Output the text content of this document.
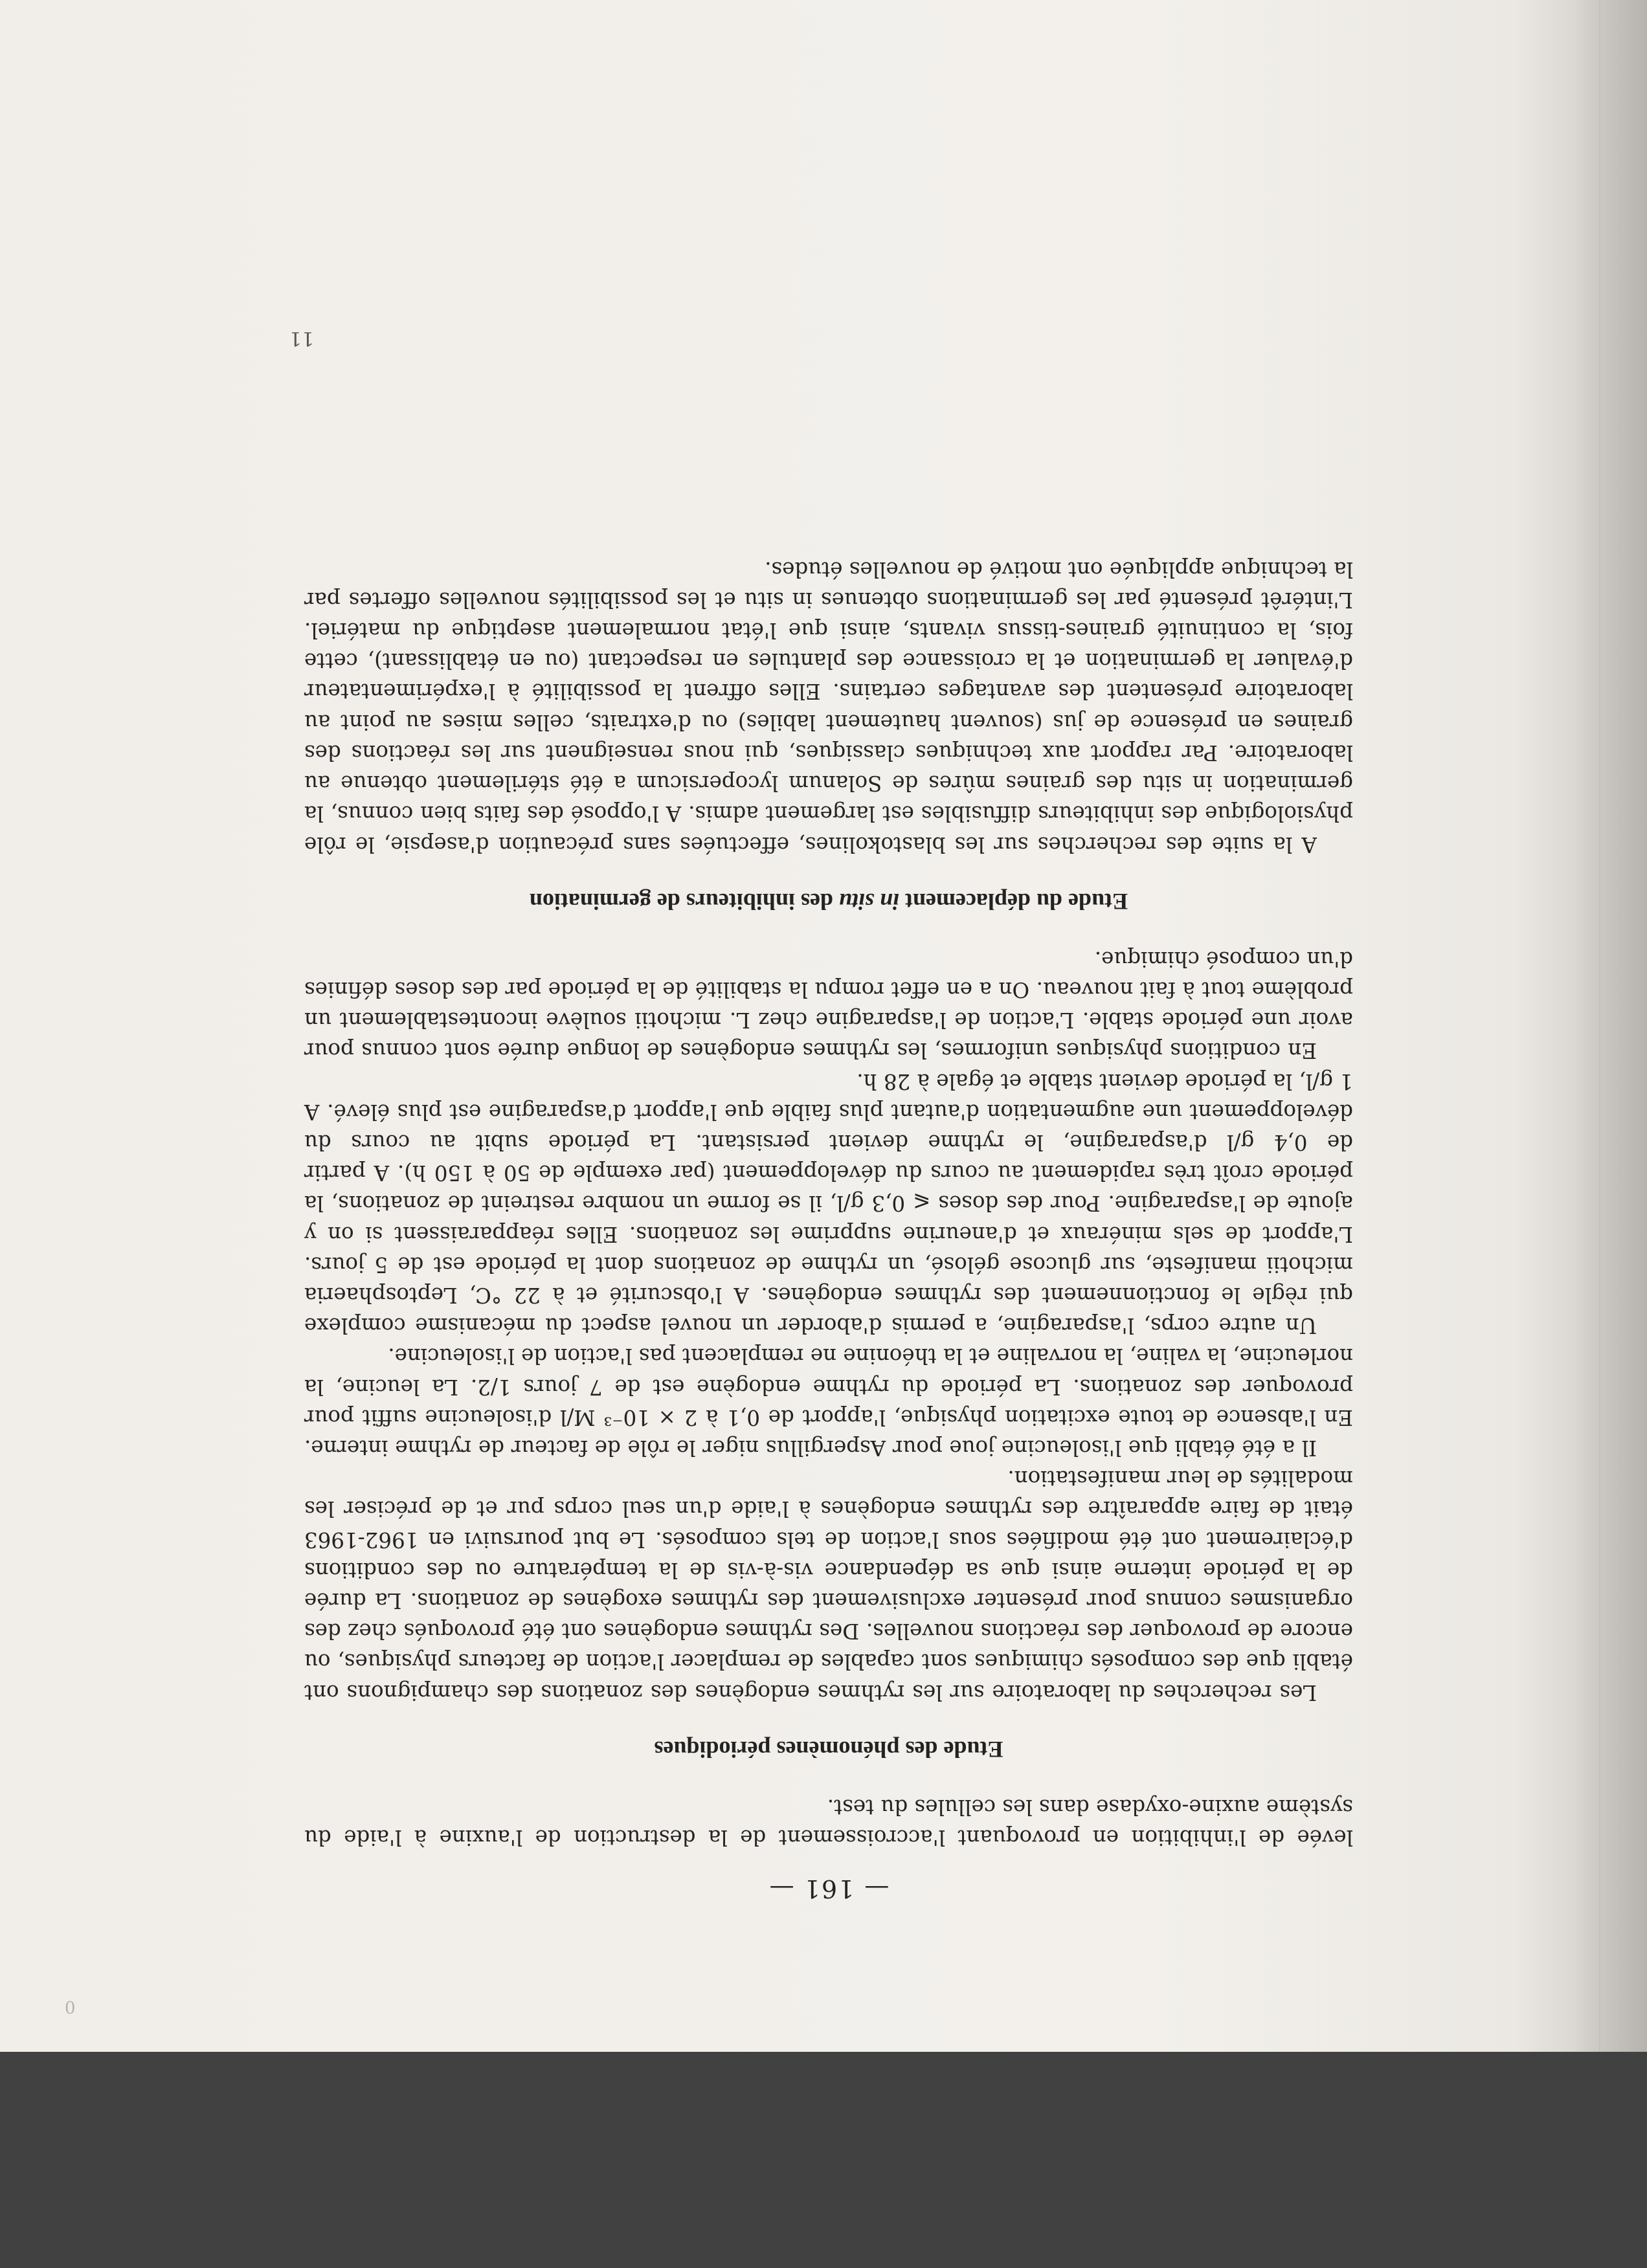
0
11

— 161 —

levée de l'inhibition en provoquant l'accroissement de la destruction de l'auxine à l'aide du système auxine-oxydase dans les cellules du test.

Etude des phénomènes périodiques

Les recherches du laboratoire sur les rythmes endogènes des zonations des champignons ont établi que des composés chimiques sont capables de remplacer l'action de facteurs physiques, ou encore de provoquer des réactions nouvelles. Des rythmes endogènes ont été provoqués chez des organismes connus pour présenter exclusivement des rythmes exogènes de zonations. La durée de la période interne ainsi que sa dépendance vis-à-vis de la température ou des conditions d'éclairement ont été modifiées sous l'action de tels composés. Le but poursuivi en 1962-1963 était de faire apparaître des rythmes endogènes à l'aide d'un seul corps pur et de préciser les modalités de leur manifestation.

Il a été établi que l'isoleucine joue pour Aspergillus niger le rôle de facteur de rythme interne. En l'absence de toute excitation physique, l'apport de 0,1 à 2 × 10⁻³ M/l d'isoleucine suffit pour provoquer des zonations. La période du rythme endogène est de 7 jours 1/2. La leucine, la norleucine, la valine, la norvaline et la théonine ne remplacent pas l'action de l'isoleucine.

Un autre corps, l'asparagine, a permis d'aborder un nouvel aspect du mécanisme complexe qui règle le fonctionnement des rythmes endogènes. A l'obscurité et à 22 °C, Leptosphaeria michotii manifeste, sur glucose gélosé, un rythme de zonations dont la période est de 5 jours. L'apport de sels minéraux et d'aneurine supprime les zonations. Elles réapparaissent si on y ajoute de l'asparagine. Pour des doses ⩽ 0,3 g/l, il se forme un nombre restreint de zonations, la période croît très rapidement au cours du développement (par exemple de 50 à 150 h). A partir de 0,4 g/l d'asparagine, le rythme devient persistant. La période subit au cours du développement une augmentation d'autant plus faible que l'apport d'asparagine est plus élevé. A 1 g/l, la période devient stable et égale à 28 h.

En conditions physiques uniformes, les rythmes endogènes de longue durée sont connus pour avoir une période stable. L'action de l'asparagine chez L. michotii soulève incontestablement un problème tout à fait nouveau. On a en effet rompu la stabilité de la période par des doses définies d'un composé chimique.

Etude du déplacement in situ des inhibiteurs de germination

A la suite des recherches sur les blastokolines, effectuées sans précaution d'asepsie, le rôle physiologique des inhibiteurs diffusibles est largement admis. A l'opposé des faits bien connus, la germination in situ des graines mûres de Solanum lycopersicum a été stérilement obtenue au laboratoire. Par rapport aux techniques classiques, qui nous renseignent sur les réactions des graines en présence de jus (souvent hautement labiles) ou d'extraits, celles mises au point au laboratoire présentent des avantages certains. Elles offrent la possibilité à l'expérimentateur d'évaluer la germination et la croissance des plantules en respectant (ou en établissant), cette fois, la continuité graines-tissus vivants, ainsi que l'état normalement aseptique du matériel. L'intérêt présenté par les germinations obtenues in situ et les possibilités nouvelles offertes par la technique appliquée ont motivé de nouvelles études.
